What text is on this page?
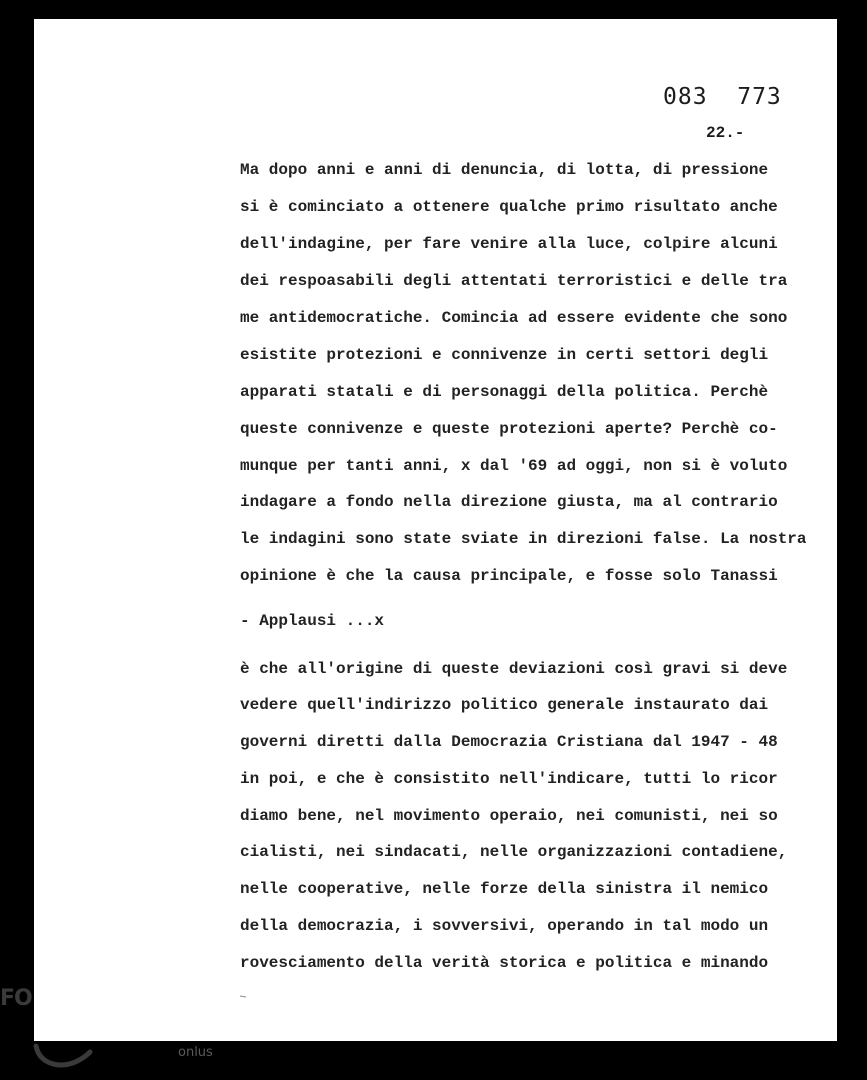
083  773
22.-
Ma dopo anni e anni di denuncia, di lotta, di pressione
si è cominciato a ottenere qualche primo risultato anche
dell'indagine, per fare venire alla luce, colpire alcuni
dei respoasabili degli attentati terroristici e delle tra
me antidemocratiche. Comincia ad essere evidente che sono
esistite protezioni e connivenze in certi settori degli
apparati statali e di personaggi della politica. Perchè
queste connivenze e queste protezioni aperte? Perchè co-
munque per tanti anni, x dal '69 ad oggi, non si è voluto
indagare a fondo nella direzione giusta, ma al contrario
le indagini sono state sviate in direzioni false. La nostra
opinione è che la causa principale, e fosse solo Tanassi
- Applausi ...x
è che all'origine di queste deviazioni così gravi si deve
vedere quell'indirizzo politico generale instaurato dai
governi diretti dalla Democrazia Cristiana dal 1947 - 48
in poi, e che è consistito nell'indicare, tutti lo ricor
diamo bene, nel movimento operaio, nei comunisti, nei so
cialisti, nei sindacati, nelle organizzazioni contadiene,
nelle cooperative, nelle forze della sinistra il nemico
della democrazia, i sovversivi, operando in tal modo un
rovesciamento della verità storica e politica e minando
FO
onlus
